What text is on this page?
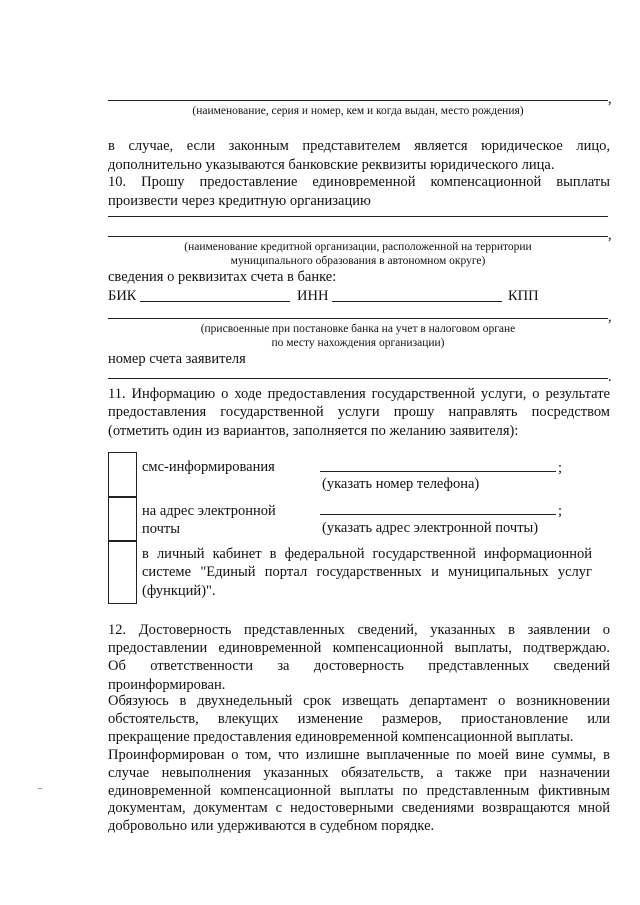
,
(наименование, серия и номер, кем и когда выдан, место рождения)
в случае, если законным представителем является юридическое лицо,
дополнительно указываются банковские реквизиты юридического лица.
10. Прошу предоставление единовременной компенсационной выплаты
произвести через кредитную организацию
,
(наименование кредитной организации, расположенной на территории
муниципального образования в автономном округе)
сведения о реквизитах счета в банке:
БИК	ИНН	КПП
,
(присвоенные при постановке банка на учет в налоговом органе
по месту нахождения организации)
номер счета заявителя
.
11. Информацию о ходе предоставления государственной услуги, о результате
предоставления государственной услуги прошу направлять посредством
(отметить один из вариантов, заполняется по желанию заявителя):
смс-информирования	;
(указать номер телефона)
на адрес электронной
почты
;
(указать адрес электронной почты)
в личный кабинет в федеральной государственной информационной
системе "Единый портал государственных и муниципальных услуг
(функций)".
12. Достоверность представленных сведений, указанных в заявлении о
предоставлении единовременной компенсационной выплаты, подтверждаю.
Об ответственности за достоверность представленных сведений
проинформирован.
Обязуюсь в двухнедельный срок извещать департамент о возникновении обстоятельств, влекущих изменение размеров, приостановление или прекращение предоставления единовременной компенсационной выплаты.
Проинформирован о том, что излишне выплаченные по моей вине суммы, в случае невыполнения указанных обязательств, а также при назначении единовременной компенсационной выплаты по представленным фиктивным документам, документам с недостоверными сведениями возвращаются мной добровольно или удерживаются в судебном порядке.
